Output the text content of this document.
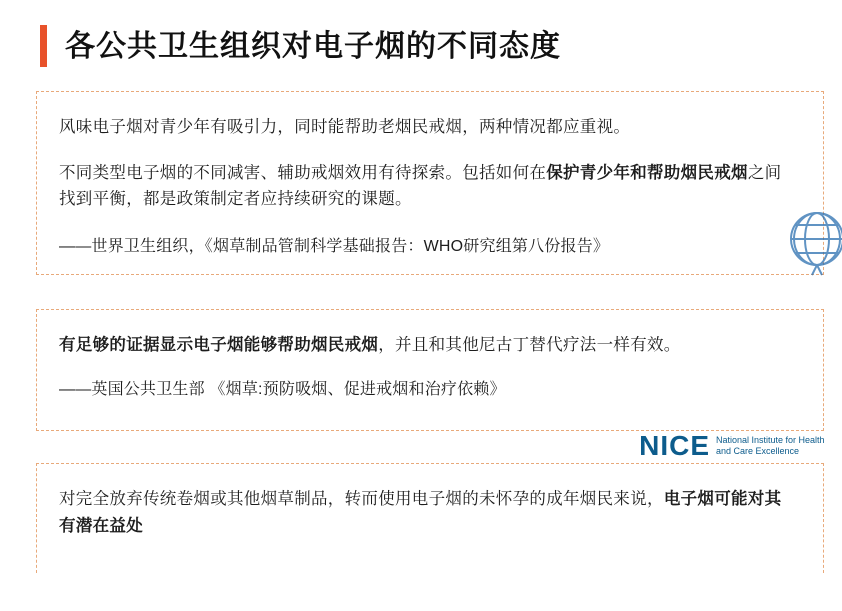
各公共卫生组织对电子烟的不同态度

风味电子烟对青少年有吸引力，同时能帮助老烟民戒烟，两种情况都应重视。

不同类型电子烟的不同减害、辅助戒烟效用有待探索。包括如何在保护青少年和帮助烟民戒烟之间找到平衡，都是政策制定者应持续研究的课题。

——世界卫生组织，《烟草制品管制科学基础报告：WHO研究组第八份报告》

有足够的证据显示电子烟能够帮助烟民戒烟，并且和其他尼古丁替代疗法一样有效。

——英国公共卫生部 《烟草:预防吸烟、促进戒烟和治疗依赖》

NICE National Institute for Health and Care Excellence

对完全放弃传统卷烟或其他烟草制品，转而使用电子烟的未怀孕的成年烟民来说，电子烟可能对其有潜在益处
